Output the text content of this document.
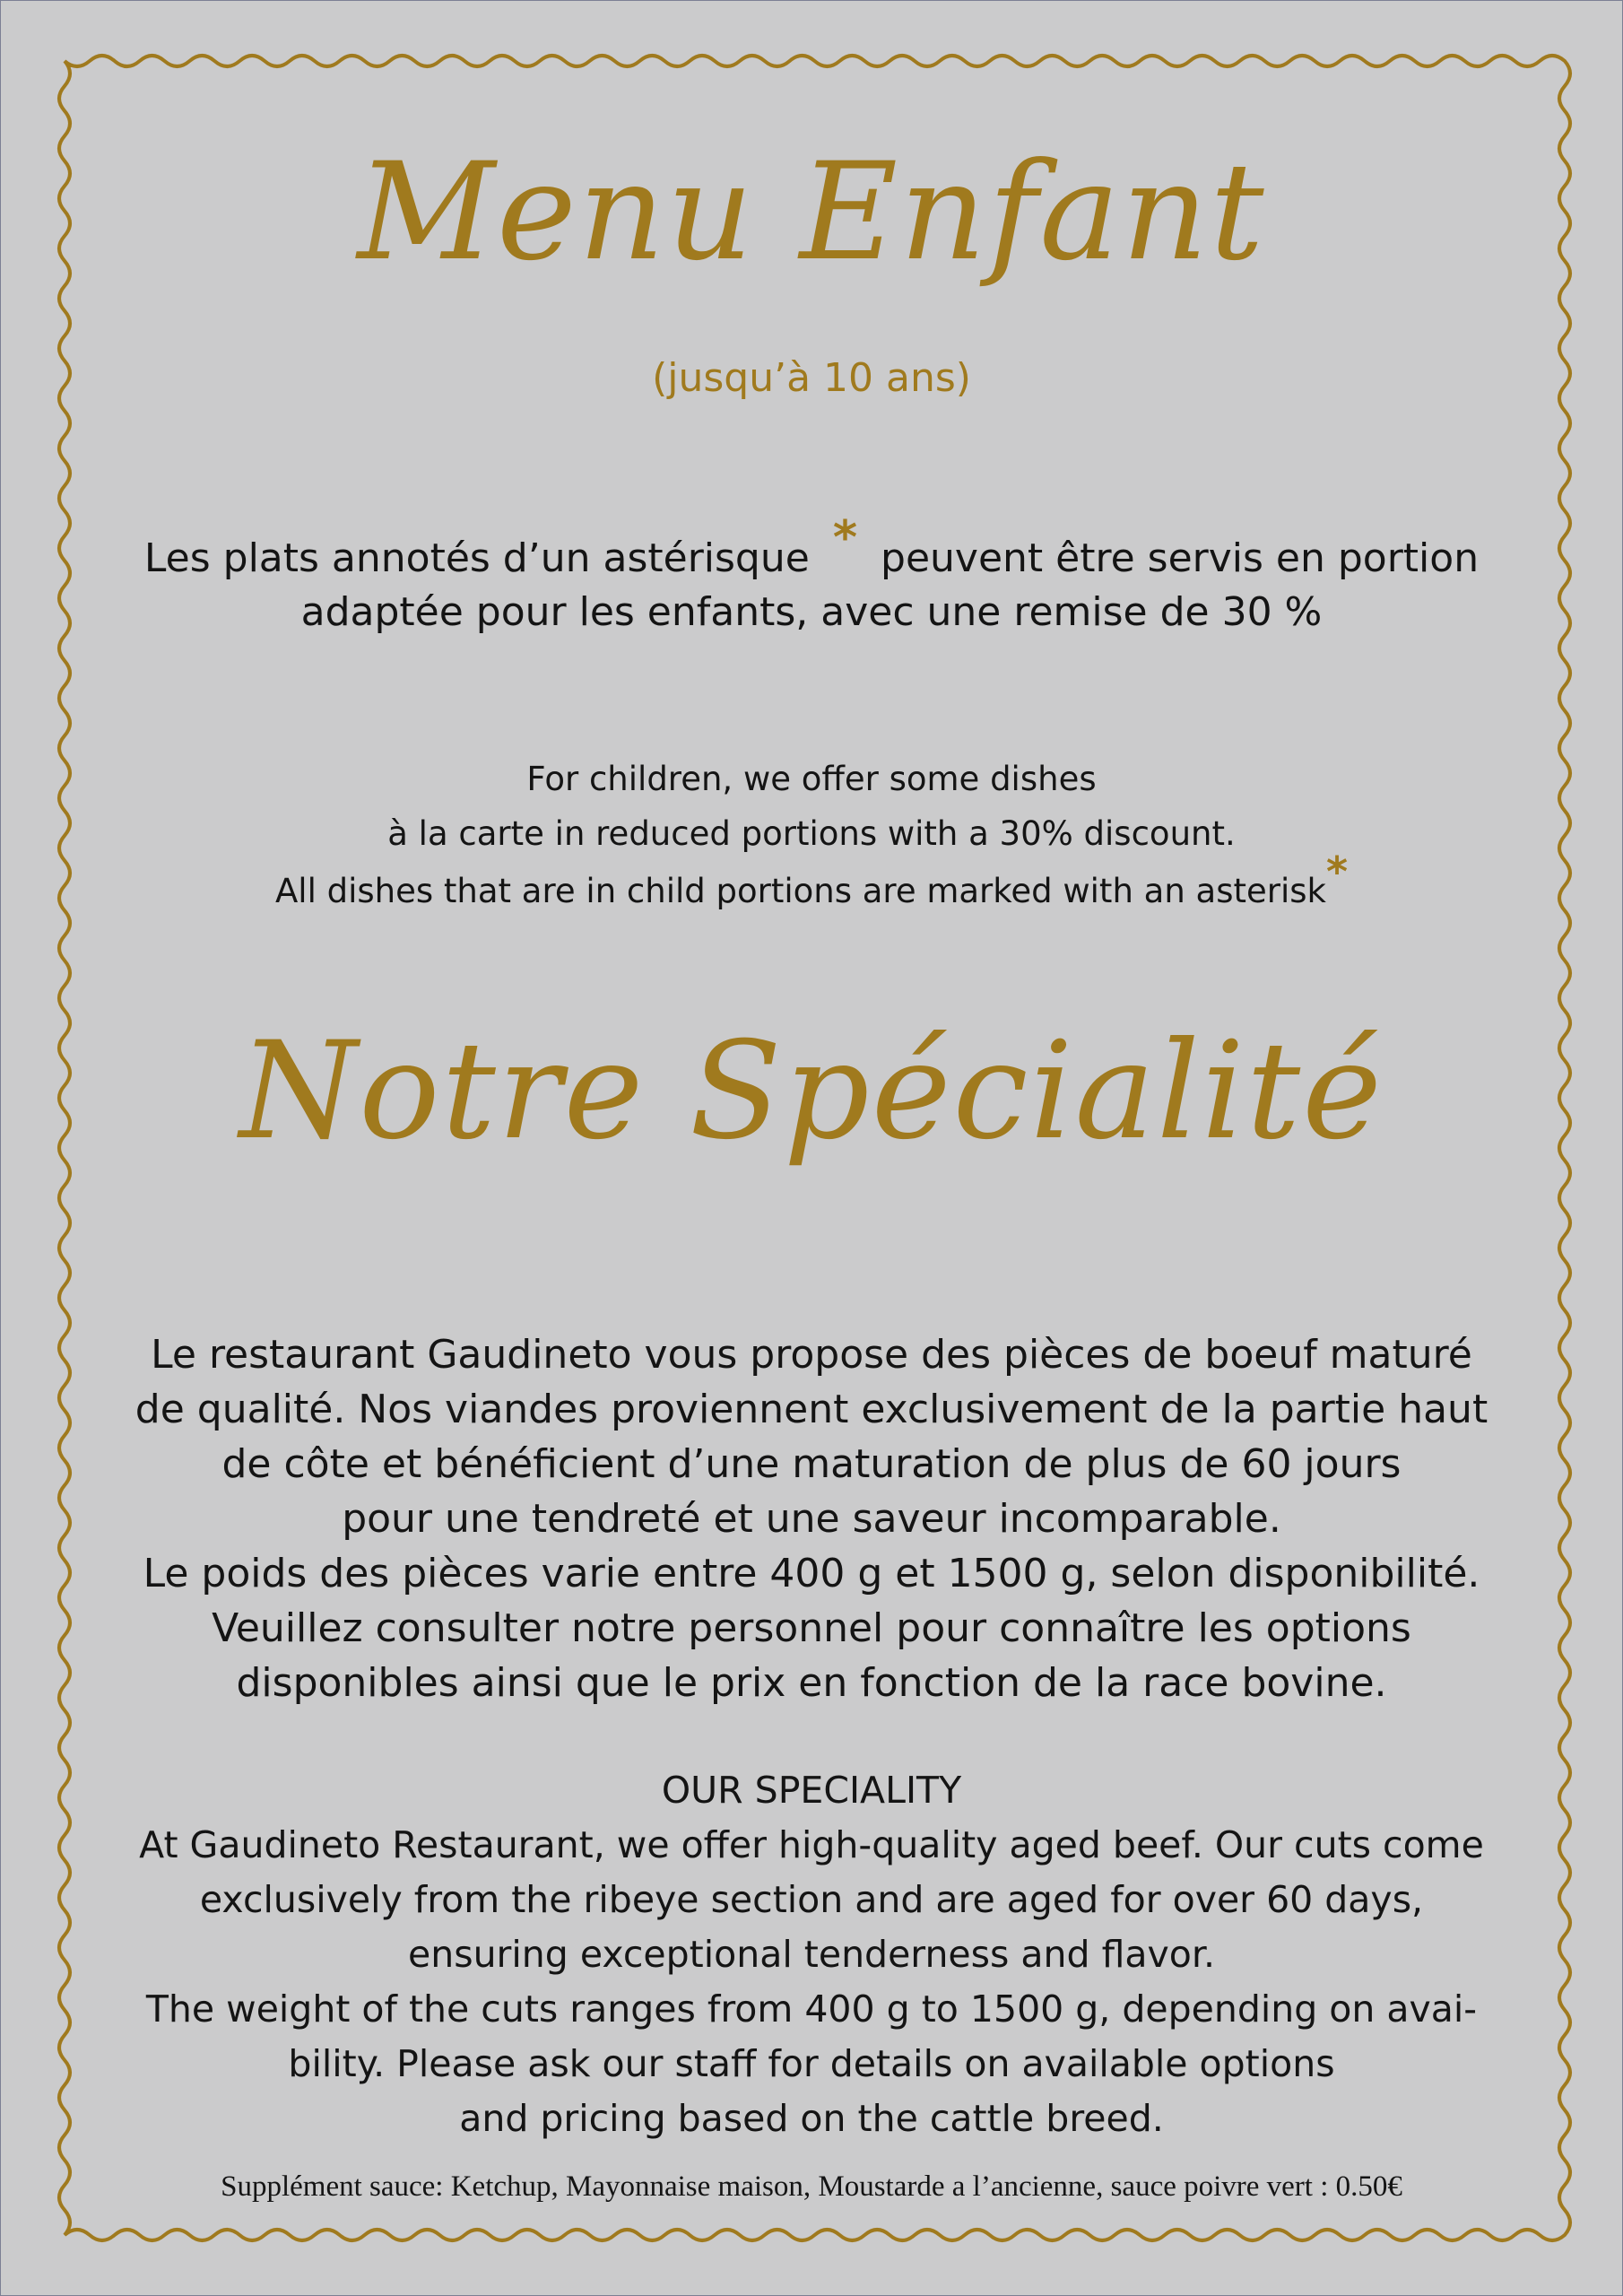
Menu Enfant
(jusqu’à 10 ans)

Les plats annotés d’un astérisque * peuvent être servis en portion
adaptée pour les enfants, avec une remise de 30 %

For children, we offer some dishes
à la carte in reduced portions with a 30% discount.
All dishes that are in child portions are marked with an asterisk*

Notre Spécialité

Le restaurant Gaudineto vous propose des pièces de boeuf maturé
de qualité. Nos viandes proviennent exclusivement de la partie haut
de côte et bénéficient d’une maturation de plus de 60 jours
pour une tendreté et une saveur incomparable.
Le poids des pièces varie entre 400 g et 1500 g, selon disponibilité.
Veuillez consulter notre personnel pour connaître les options
disponibles ainsi que le prix en fonction de la race bovine.

OUR SPECIALITY
At Gaudineto Restaurant, we offer high-quality aged beef. Our cuts come
exclusively from the ribeye section and are aged for over 60 days,
ensuring exceptional tenderness and flavor.
The weight of the cuts ranges from 400 g to 1500 g, depending on avai-
bility. Please ask our staff for details on available options
and pricing based on the cattle breed.

Supplément sauce: Ketchup, Mayonnaise maison, Moustarde a l’ancienne, sauce poivre vert : 0.50€
